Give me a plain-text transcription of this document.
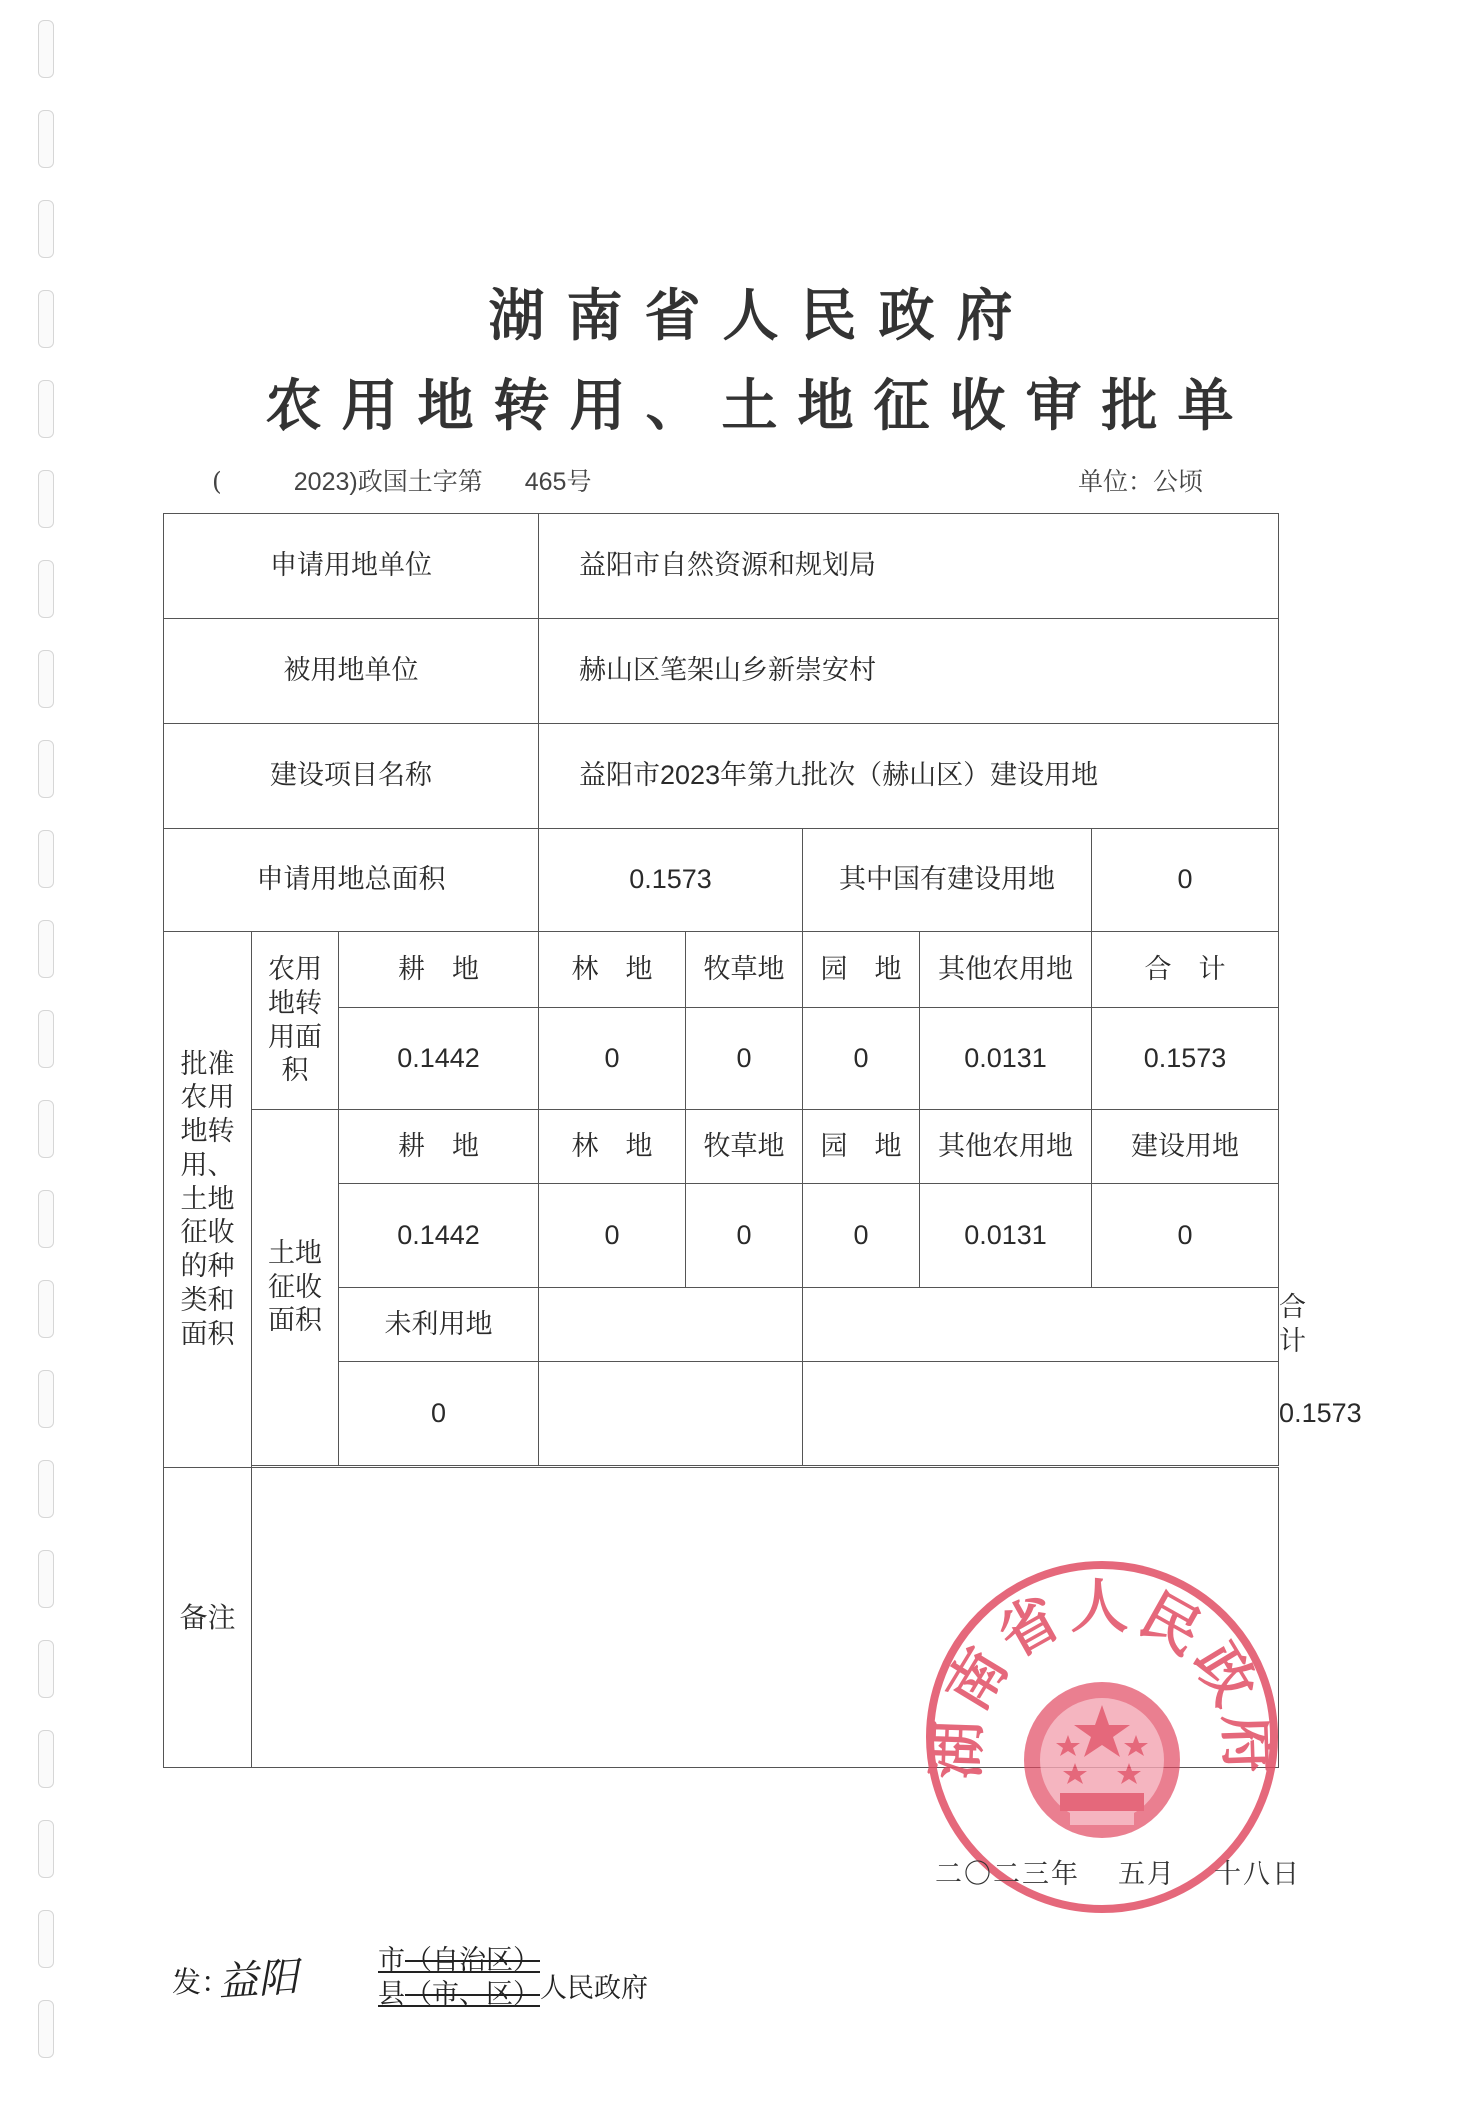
湖南省人民政府
农用地转用、土地征收审批单
(	2023)政国土字第 465号	单位：公顷
申请用地单位			益阳市自然资源和规划局					
被用地单位			赫山区笔架山乡新崇安村					
建设项目名称			益阳市2023年第九批次（赫山区）建设用地					
申请用地总面积			0.1573		其中国有建设用地		0	
批准农用地转用、土地征收的种类和面积	农用地转用面积	耕　地	林　地	牧草地	园　地	其他农用地	合　计	
		0.1442	0	0	0	0.0131	0.1573	
	土地征收面积	耕　地	林　地	牧草地	园　地	其他农用地	建设用地	
		0.1442	0	0	0	0.0131	0	
		未利用地						合　计
		0						0.1573

备注								
湖南省人民政府
二〇二三年 五月 十八日
发：
益阳	市（自治区）
县（市、区） 人民政府
